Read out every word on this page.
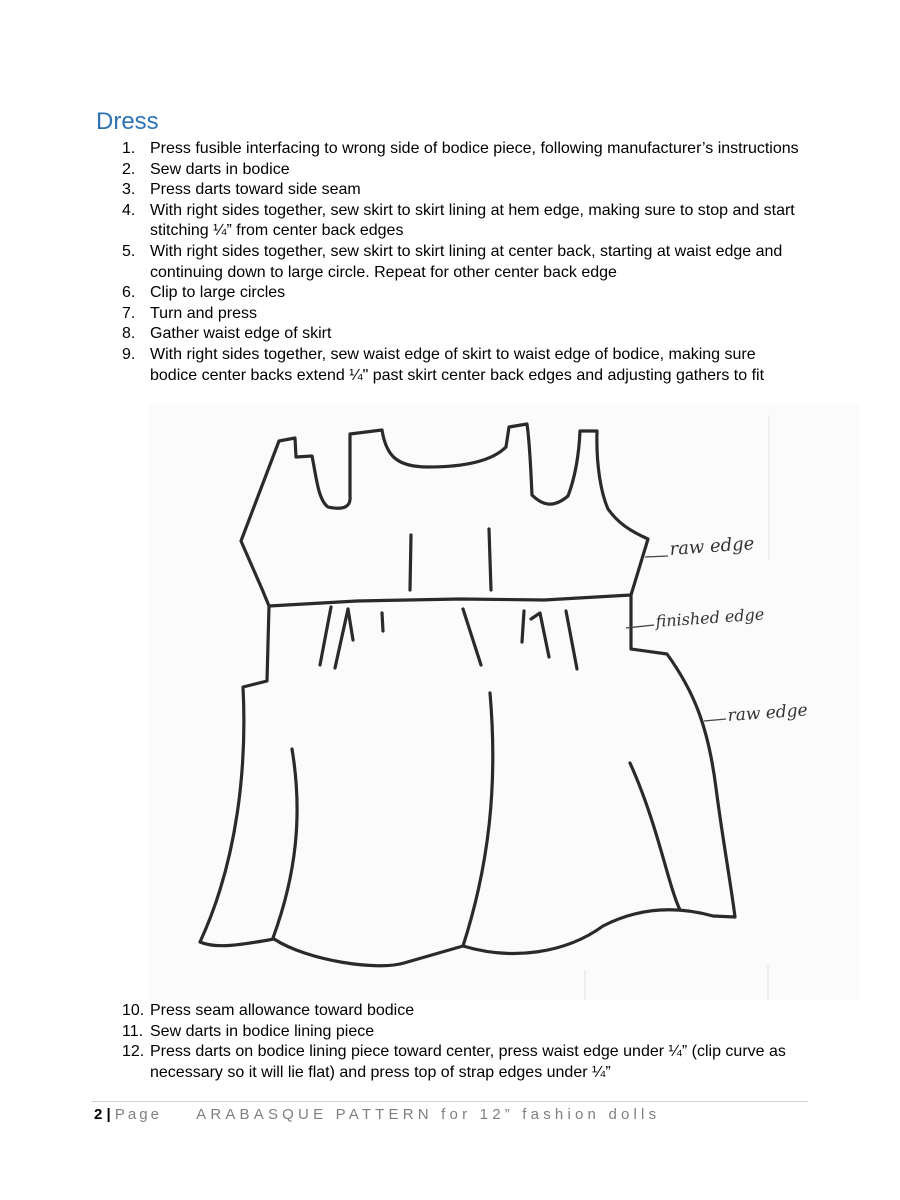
Dress
1. Press fusible interfacing to wrong side of bodice piece, following manufacturer’s instructions
2. Sew darts in bodice
3. Press darts toward side seam
4. With right sides together, sew skirt to skirt lining at hem edge, making sure to stop and start stitching ¼” from center back edges
5. With right sides together, sew skirt to skirt lining at center back, starting at waist edge and continuing down to large circle. Repeat for other center back edge
6. Clip to large circles
7. Turn and press
8. Gather waist edge of skirt
9. With right sides together, sew waist edge of skirt to waist edge of bodice, making sure bodice center backs extend ¼" past skirt center back edges and adjusting gathers to fit
raw edge
finished edge
raw edge
10. Press seam allowance toward bodice
11. Sew darts in bodice lining piece
12. Press darts on bodice lining piece toward center, press waist edge under ¼” (clip curve as necessary so it will lie flat) and press top of strap edges under ¼”
2 | Page ARABASQUE PATTERN for 12” fashion dolls
